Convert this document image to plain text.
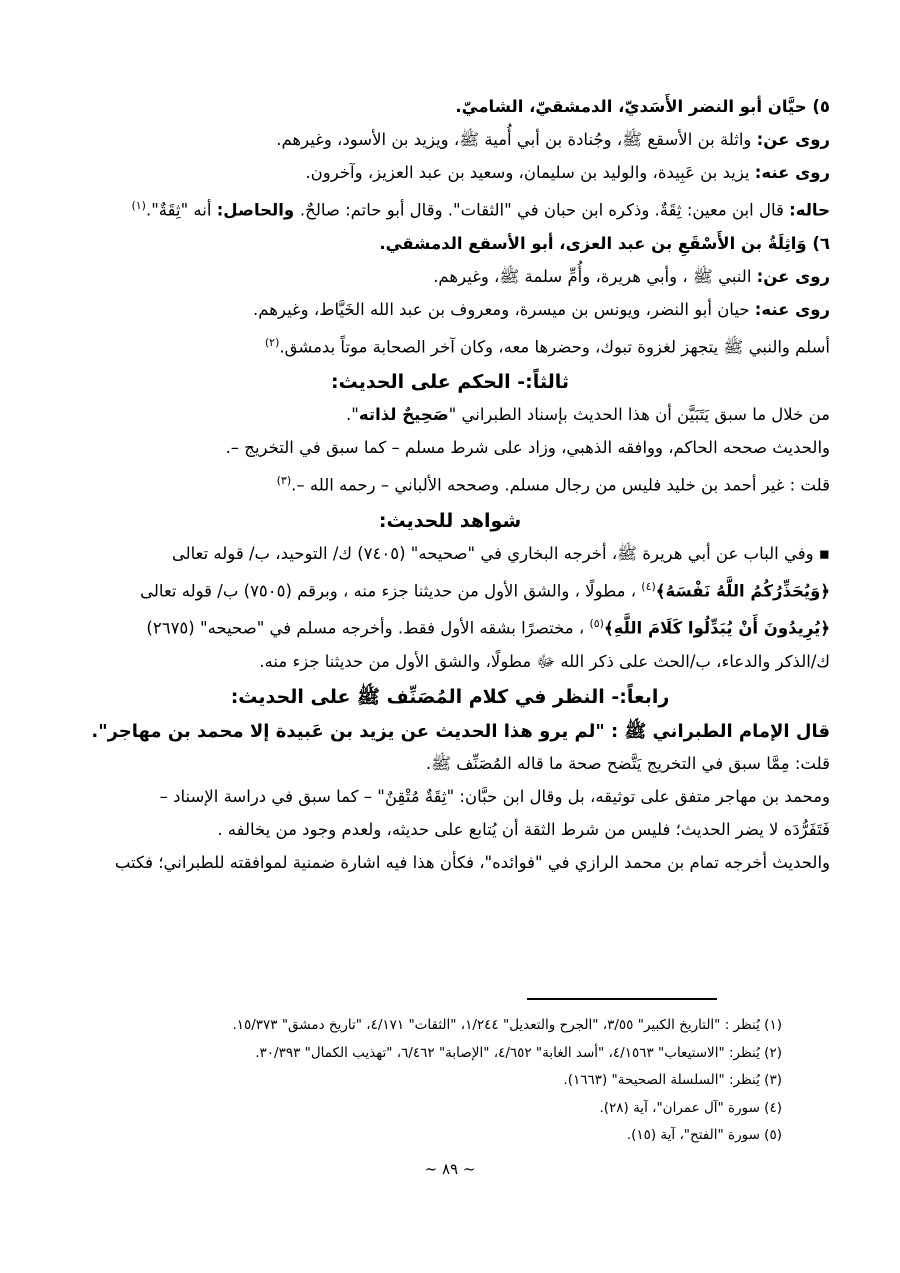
٥) حيَّان أبو النضر الأَسَديّ، الدمشقيّ، الشاميّ.

روى عن: واثلة بن الأسقع ﷺ، وجُنادة بن أبي أُمية ﷺ، ويزيد بن الأسود، وغيرهم.

روى عنه: يزيد بن عَبِيدة، والوليد بن سليمان، وسعيد بن عبد العزيز، وآخرون.

حاله: قال ابن معين: ثِقَةٌ. وذكره ابن حبان في "الثقات". وقال أبو حاتم: صالحٌ. والحاصل: أنه "ثِقَةٌ".$^{(١)}$

٦) وَاثِلَةُ بن الأَسْقَعِ بن عبد العزى، أبو الأسقع الدمشقي.

روى عن: النبي ﷺ ، وأبي هريرة، وأُمِّ سلمة ﷺ، وغيرهم.

روى عنه: حيان أبو النضر، ويونس بن ميسرة، ومعروف بن عبد الله الخَيَّاط، وغيرهم.

أسلم والنبي ﷺ يتجهز لغزوة تبوك، وحضرها معه، وكان آخر الصحابة موتاً بدمشق.$^{(٢)}$

ثالثاً:- الحكم على الحديث:

من خلال ما سبق يَتَبَيَّن أن هذا الحديث بإسناد الطبراني "صَحِيحٌ لذاته".

والحديث صححه الحاكم، ووافقه الذهبي، وزاد على شرط مسلم – كما سبق في التخريج –.

قلت : غير أحمد بن خليد فليس من رجال مسلم. وصححه الألباني – رحمه الله –.$^{(٣)}$

شواهد للحديث:

▪ وفي الباب عن أبي هريرة ﷺ، أخرجه البخاري في "صحيحه" (٧٤٠٥) ك/ التوحيد، ب/ قوله تعالى

﴿وَيُحَذِّرُكُمُ اللَّهُ نَفْسَهُ﴾$^{(٤)}$ ، مطولًا ، والشق الأول من حديثنا جزء منه ، وبرقم (٧٥٠٥) ب/ قوله تعالى

﴿يُرِيدُونَ أَنْ يُبَدِّلُوا كَلَامَ اللَّهِ﴾$^{(٥)}$ ، مختصرًا بشقه الأول فقط. وأخرجه مسلم في "صحيحه" (٢٦٧٥)

ك/الذكر والدعاء، ب/الحث على ذكر الله ﷻ مطولًا، والشق الأول من حديثنا جزء منه.

رابعاً:- النظر في كلام المُصَنِّف ﷺ على الحديث:

قال الإمام الطبراني ﷺ : "لم يرو هذا الحديث عن يزيد بن عَبيدة إلا محمد بن مهاجر".

قلت: مِمَّا سبق في التخريج يَتَّضح صحة ما قاله المُصَنِّف ﷺ.

ومحمد بن مهاجر متفق على توثيقه، بل وقال ابن حبَّان: "ثِقَةٌ مُتْقِنٌ" – كما سبق في دراسة الإسناد –

فَتَفَرُّدَه لا يضر الحديث؛ فليس من شرط الثقة أن يُتابع على حديثه، ولعدم وجود من يخالفه .

والحديث أخرجه تمام بن محمد الرازي في "فوائده"، فكأن هذا فيه اشارة ضمنية لموافقته للطبراني؛ فكتب

(١) يُنظر : "التاريخ الكبير" ٣/٥٥، "الجرح والتعديل" ١/٢٤٤، "الثقات" ٤/١٧١، "تاريخ دمشق" ١٥/٣٧٣.

(٢) يُنظر: "الاستيعاب" ٤/١٥٦٣، "أسد الغابة" ٤/٦٥٢، "الإصابة" ٦/٤٦٢، "تهذيب الكمال" ٣٠/٣٩٣.

(٣) يُنظر: "السلسلة الصحيحة" (١٦٦٣).

(٤) سورة "آل عمران"، آية (٢٨).

(٥) سورة "الفتح"، آية (١٥).

~ ٨٩ ~
